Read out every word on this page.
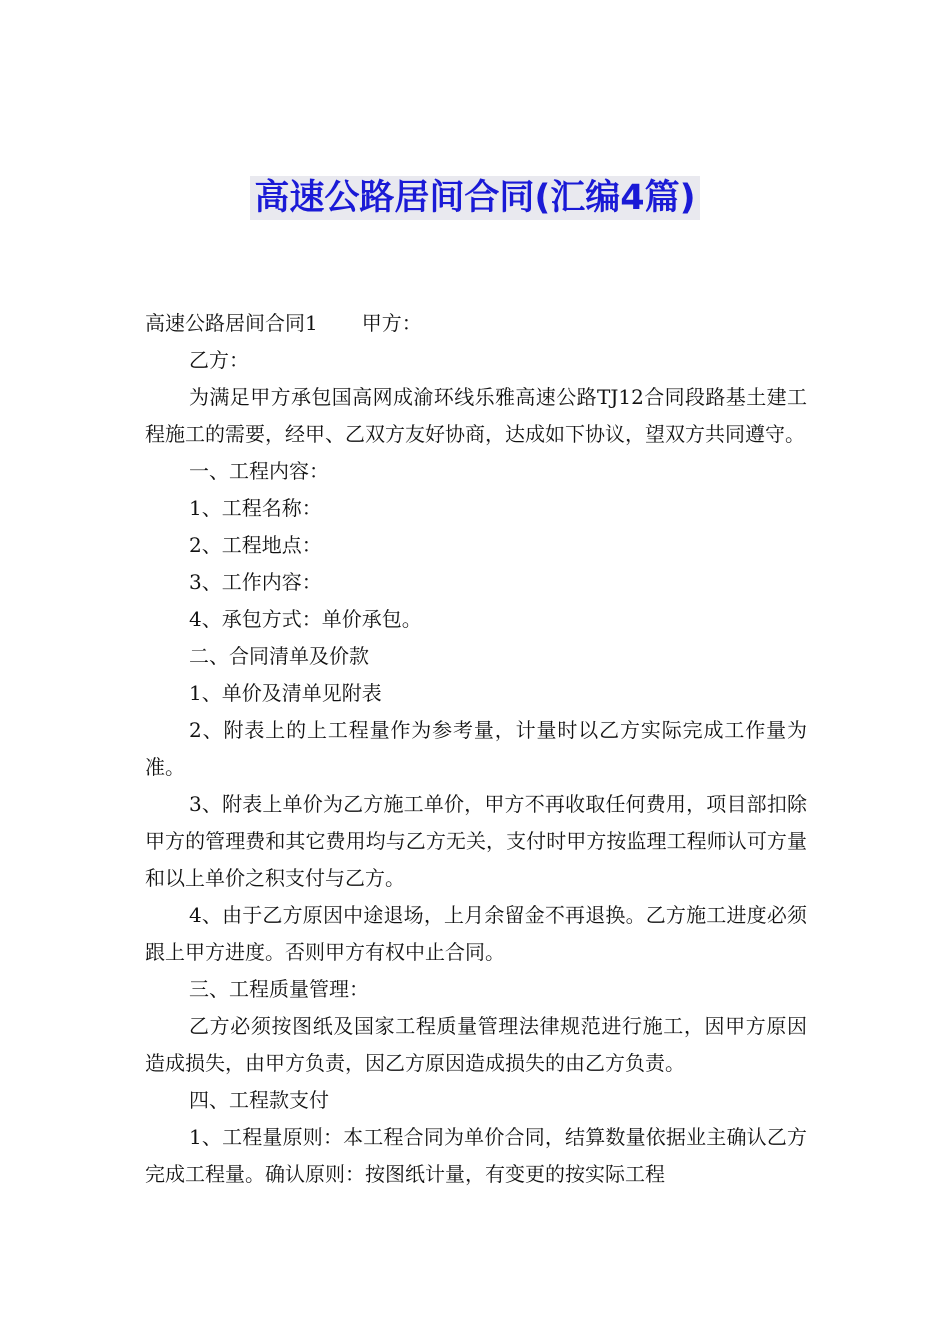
高速公路居间合同(汇编4篇)

高速公路居间合同1 甲方：

乙方：

为满足甲方承包国高网成渝环线乐雅高速公路TJ12合同段路基土建工程施工的需要，经甲、乙双方友好协商，达成如下协议，望双方共同遵守。

一、工程内容：

1、工程名称：

2、工程地点：

3、工作内容：

4、承包方式：单价承包。

二、合同清单及价款

1、单价及清单见附表

2、附表上的上工程量作为参考量，计量时以乙方实际完成工作量为准。

3、附表上单价为乙方施工单价，甲方不再收取任何费用，项目部扣除甲方的管理费和其它费用均与乙方无关，支付时甲方按监理工程师认可方量和以上单价之积支付与乙方。

4、由于乙方原因中途退场，上月余留金不再退换。乙方施工进度必须跟上甲方进度。否则甲方有权中止合同。

三、工程质量管理：

乙方必须按图纸及国家工程质量管理法律规范进行施工，因甲方原因造成损失，由甲方负责，因乙方原因造成损失的由乙方负责。

四、工程款支付

1、工程量原则：本工程合同为单价合同，结算数量依据业主确认乙方完成工程量。确认原则：按图纸计量，有变更的按实际工程
